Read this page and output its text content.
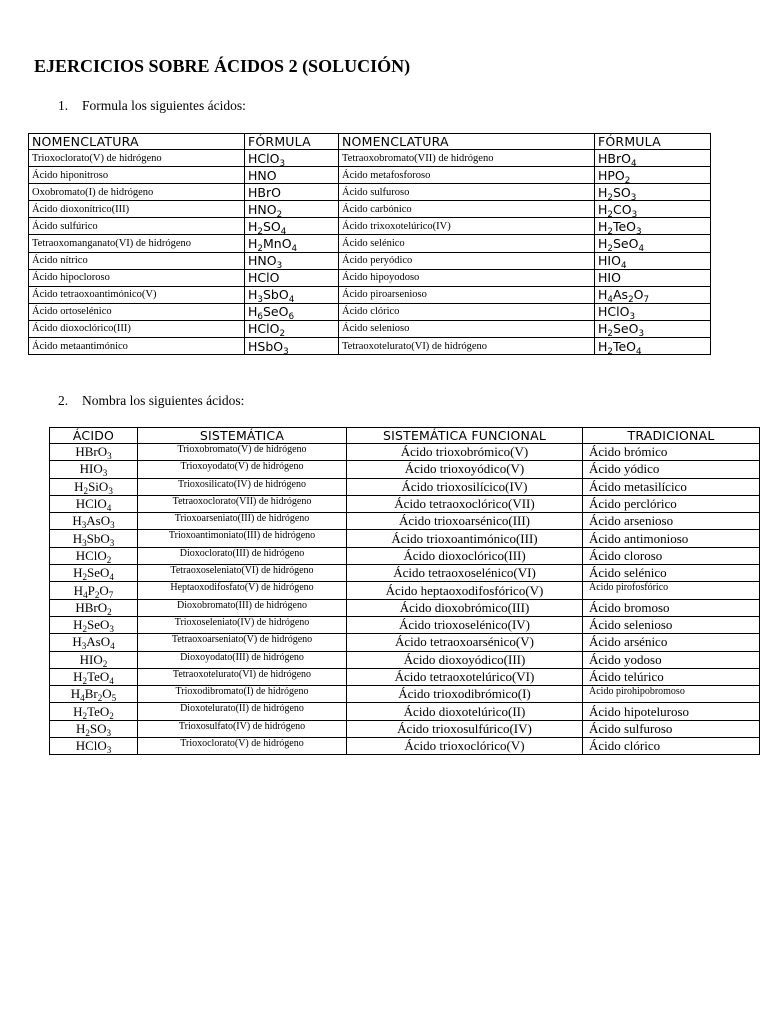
EJERCICIOS SOBRE ÁCIDOS 2 (SOLUCIÓN)
1. Formula los siguientes ácidos:
NOMENCLATURA	FÓRMULA	NOMENCLATURA	FÓRMULA
Trioxoclorato(V) de hidrógeno	HClO$_3$	Tetraoxobromato(VII) de hidrógeno	HBrO$_4$
Ácido hiponitroso	HNO	Ácido metafosforoso	$HPO_2$
Oxobromato(I) de hidrógeno	HBrO	Ácido sulfuroso	$H_2SO_3$
Ácido dioxonítrico(III)	$HNO_2$	Ácido carbónico	$H_2CO_3$
Ácido sulfúrico	$H_2SO_4$	Ácido trixoxotelúrico(IV)	$H_2TeO_3$
Tetraoxomanganato(VI) de hidrógeno	$H_2MnO_4$	Ácido selénico	$H_2SeO_4$
Ácido nítrico	$HNO_3$	Ácido peryódico	$HIO_4$
Ácido hipocloroso	HClO	Ácido hipoyodoso	HIO
Ácido tetraoxoantimónico(V)	$H_3SbO_4$	Ácido piroarsenioso	$H_4As_2O_7$
Ácido ortoselénico	$H_6SeO_6$	Ácido clórico	HClO$_3$
Ácido dioxoclórico(III)	HClO$_2$	Ácido selenioso	$H_2SeO_3$
Ácido metaantimónico	HSbO$_3$	Tetraoxotelurato(VI) de hidrógeno	$H_2TeO_4$
2. Nombra los siguientes ácidos:
ÁCIDO	SISTEMÁTICA	SISTEMÁTICA FUNCIONAL	TRADICIONAL
HBrO$_3$	Trioxobromato(V) de hidrógeno	Ácido trioxobrómico(V)	Ácido brómico
$HIO_3$	Trioxoyodato(V) de hidrógeno	Ácido trioxoyódico(V)	Ácido yódico
$H_2SiO_3$	Trioxosilicato(IV) de hidrógeno	Ácido trioxosilícico(IV)	Ácido metasilícico
HClO$_4$	Tetraoxoclorato(VII) de hidrógeno	Ácido tetraoxoclórico(VII)	Ácido perclórico
$H_3AsO_3$	Trioxoarseniato(III) de hidrógeno	Ácido trioxoarsénico(III)	Ácido arsenioso
$H_3SbO_3$	Trioxoantimoniato(III) de hidrógeno	Ácido trioxoantimónico(III)	Ácido antimonioso
HClO$_2$	Dioxoclorato(III) de hidrógeno	Ácido dioxoclórico(III)	Ácido cloroso
$H_2SeO_4$	Tetraoxoseleniato(VI) de hidrógeno	Ácido tetraoxoselénico(VI)	Ácido selénico
$H_4P_2O_7$	Heptaoxodifosfato(V) de hidrógeno	Ácido heptaoxodifosfórico(V)	Ácido pirofosfórico
HBrO$_2$	Dioxobromato(III) de hidrógeno	Ácido dioxobrómico(III)	Ácido bromoso
$H_2SeO_3$	Trioxoseleniato(IV) de hidrógeno	Ácido trioxoselénico(IV)	Ácido selenioso
$H_3AsO_4$	Tetraoxoarseniato(V) de hidrógeno	Ácido tetraoxoarsénico(V)	Ácido arsénico
$HIO_2$	Dioxoyodato(III) de hidrógeno	Ácido dioxoyódico(III)	Ácido yodoso
$H_2TeO_4$	Tetraoxotelurato(VI) de hidrógeno	Ácido tetraoxotelúrico(VI)	Ácido telúrico
$H_4Br_2O_5$	Trioxodibromato(I) de hidrógeno	Ácido trioxodibrómico(I)	Ácido pirohipobromoso
$H_2TeO_2$	Dioxotelurato(II) de hidrógeno	Ácido dioxotelúrico(II)	Ácido hipoteluroso
$H_2SO_3$	Trioxosulfato(IV) de hidrógeno	Ácido trioxosulfúrico(IV)	Ácido sulfuroso
HClO$_3$	Trioxoclorato(V) de hidrógeno	Ácido trioxoclórico(V)	Ácido clórico
